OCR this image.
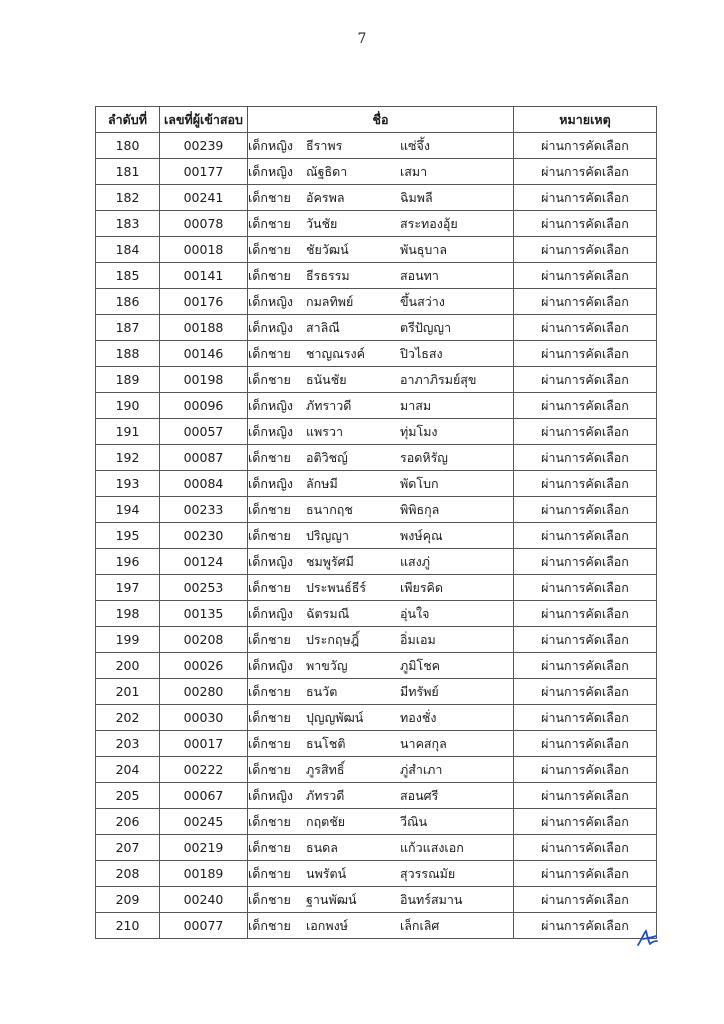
7
ลำดับที่	เลขที่ผู้เข้าสอบ	ชื่อ	หมายเหตุ
180	00239	เด็กหญิง ธีราพร แซ่จึ้ง	ผ่านการคัดเลือก
181	00177	เด็กหญิง ณัฐธิดา เสมา	ผ่านการคัดเลือก
182	00241	เด็กชาย อัครพล ฉิมพลี	ผ่านการคัดเลือก
183	00078	เด็กชาย วันชัย สระทองอุ้ย	ผ่านการคัดเลือก
184	00018	เด็กชาย ชัยวัฒน์ พันธุบาล	ผ่านการคัดเลือก
185	00141	เด็กชาย ธีรธรรม สอนทา	ผ่านการคัดเลือก
186	00176	เด็กหญิง กมลทิพย์ ขึ้นสว่าง	ผ่านการคัดเลือก
187	00188	เด็กหญิง สาลิณี ตรีปัญญา	ผ่านการคัดเลือก
188	00146	เด็กชาย ชาญณรงค์ ปิวไธสง	ผ่านการคัดเลือก
189	00198	เด็กชาย ธนันชัย อาภาภิรมย์สุข	ผ่านการคัดเลือก
190	00096	เด็กหญิง ภัทราวดี มาสม	ผ่านการคัดเลือก
191	00057	เด็กหญิง แพรวา ทุ่มโมง	ผ่านการคัดเลือก
192	00087	เด็กชาย อติวิชญ์ รอดหิรัญ	ผ่านการคัดเลือก
193	00084	เด็กหญิง ลักษมี พัดโบก	ผ่านการคัดเลือก
194	00233	เด็กชาย ธนากฤช พิพิธกุล	ผ่านการคัดเลือก
195	00230	เด็กชาย ปริญญา พงษ์คุณ	ผ่านการคัดเลือก
196	00124	เด็กหญิง ชมพูรัศมี แสงภู่	ผ่านการคัดเลือก
197	00253	เด็กชาย ประพนธ์ธีร์ เพียรคิด	ผ่านการคัดเลือก
198	00135	เด็กหญิง ฉัตรมณี อุ่นใจ	ผ่านการคัดเลือก
199	00208	เด็กชาย ประกฤษฎิ์ อิ่มเอม	ผ่านการคัดเลือก
200	00026	เด็กหญิง พาขวัญ ภูมิโชค	ผ่านการคัดเลือก
201	00280	เด็กชาย ธนวัต มีทรัพย์	ผ่านการคัดเลือก
202	00030	เด็กชาย ปุญญพัฒน์ ทองชั่ง	ผ่านการคัดเลือก
203	00017	เด็กชาย ธนโชติ นาคสกุล	ผ่านการคัดเลือก
204	00222	เด็กชาย ภูรสิทธิ์ ภู่สำเภา	ผ่านการคัดเลือก
205	00067	เด็กหญิง ภัทรวดี สอนศรี	ผ่านการคัดเลือก
206	00245	เด็กชาย กฤตชัย วีณิน	ผ่านการคัดเลือก
207	00219	เด็กชาย ธนดล แก้วแสงเอก	ผ่านการคัดเลือก
208	00189	เด็กชาย นพรัตน์ สุวรรณมัย	ผ่านการคัดเลือก
209	00240	เด็กชาย ฐานพัฒน์ อินทร์สมาน	ผ่านการคัดเลือก
210	00077	เด็กชาย เอกพงษ์ เล็กเลิศ	ผ่านการคัดเลือก
